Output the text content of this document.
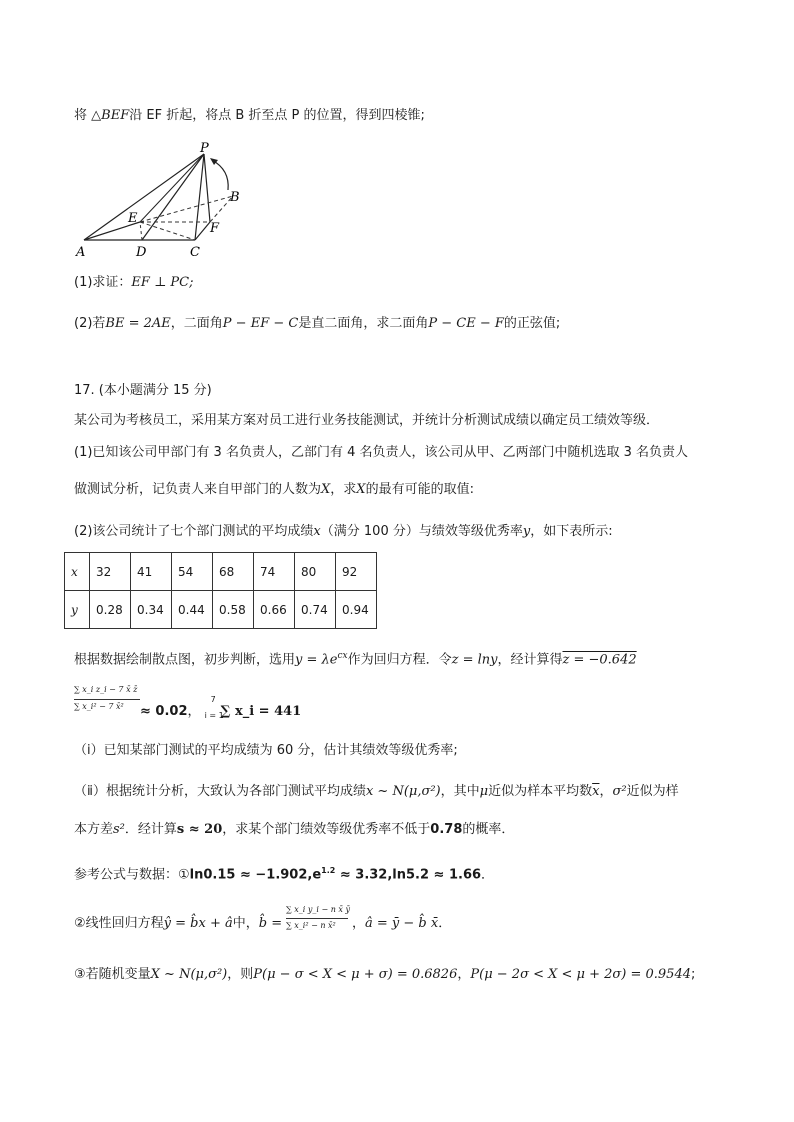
将 △BEF沿 EF 折起，将点 B 折至点 P 的位置，得到四棱锥;
P
B
E
F
A	D	C
(1)求证：EF ⊥ PC;
(2)若BE = 2AE，二面角P − EF − C是直二面角，求二面角P − CE − F的正弦值;
17. (本小题满分 15 分)
某公司为考核员工，采用某方案对员工进行业务技能测试，并统计分析测试成绩以确定员工绩效等级．
(1)已知该公司甲部门有 3 名负责人，乙部门有 4 名负责人，该公司从甲、乙两部门中随机选取 3 名负责人
做测试分析，记负责人来自甲部门的人数为X，求X的最有可能的取值:
(2)该公司统计了七个部门测试的平均成绩x（满分 100 分）与绩效等级优秀率y，如下表所示:
x	32	41	54	68	74	80	92
y	0.28	0.34	0.44	0.58	0.66	0.74	0.94
根据数据绘制散点图，初步判断，选用$y = \lambda e^{cx}$作为回归方程．令z = lny，经计算得z = −0.642
∑ x_i z_i − 7 x̄ z̄
∑ x_i² − 7 x̄² ≈ 0.02，
7
i = 1
∑ x_i = 441
（ⅰ）已知某部门测试的平均成绩为 60 分，估计其绩效等级优秀率;
（ⅱ）根据统计分析，大致认为各部门测试平均成绩x ~ N(μ,σ²)，其中μ近似为样本平均数$\overline{x}$，σ²近似为样
本方差s²．经计算s ≈ 20，求某个部门绩效等级优秀率不低于0.78的概率．
参考公式与数据：①ln0.15 ≈ $-1.902,e^{1.2} \approx 3.32,\ln 5.2 \approx 1.66$．
②线性回归方程ŷ = b̂x + â中，b̂ =
∑ x_i y_i − n x̄ ȳ
∑ x_i² − n x̄² ，â = ȳ − b̂ x̄．
③若随机变量X ~ N(μ,σ²)，则P(μ − σ < X < μ + σ) = 0.6826，P(μ − 2σ < X < μ + 2σ) = 0.9544;
